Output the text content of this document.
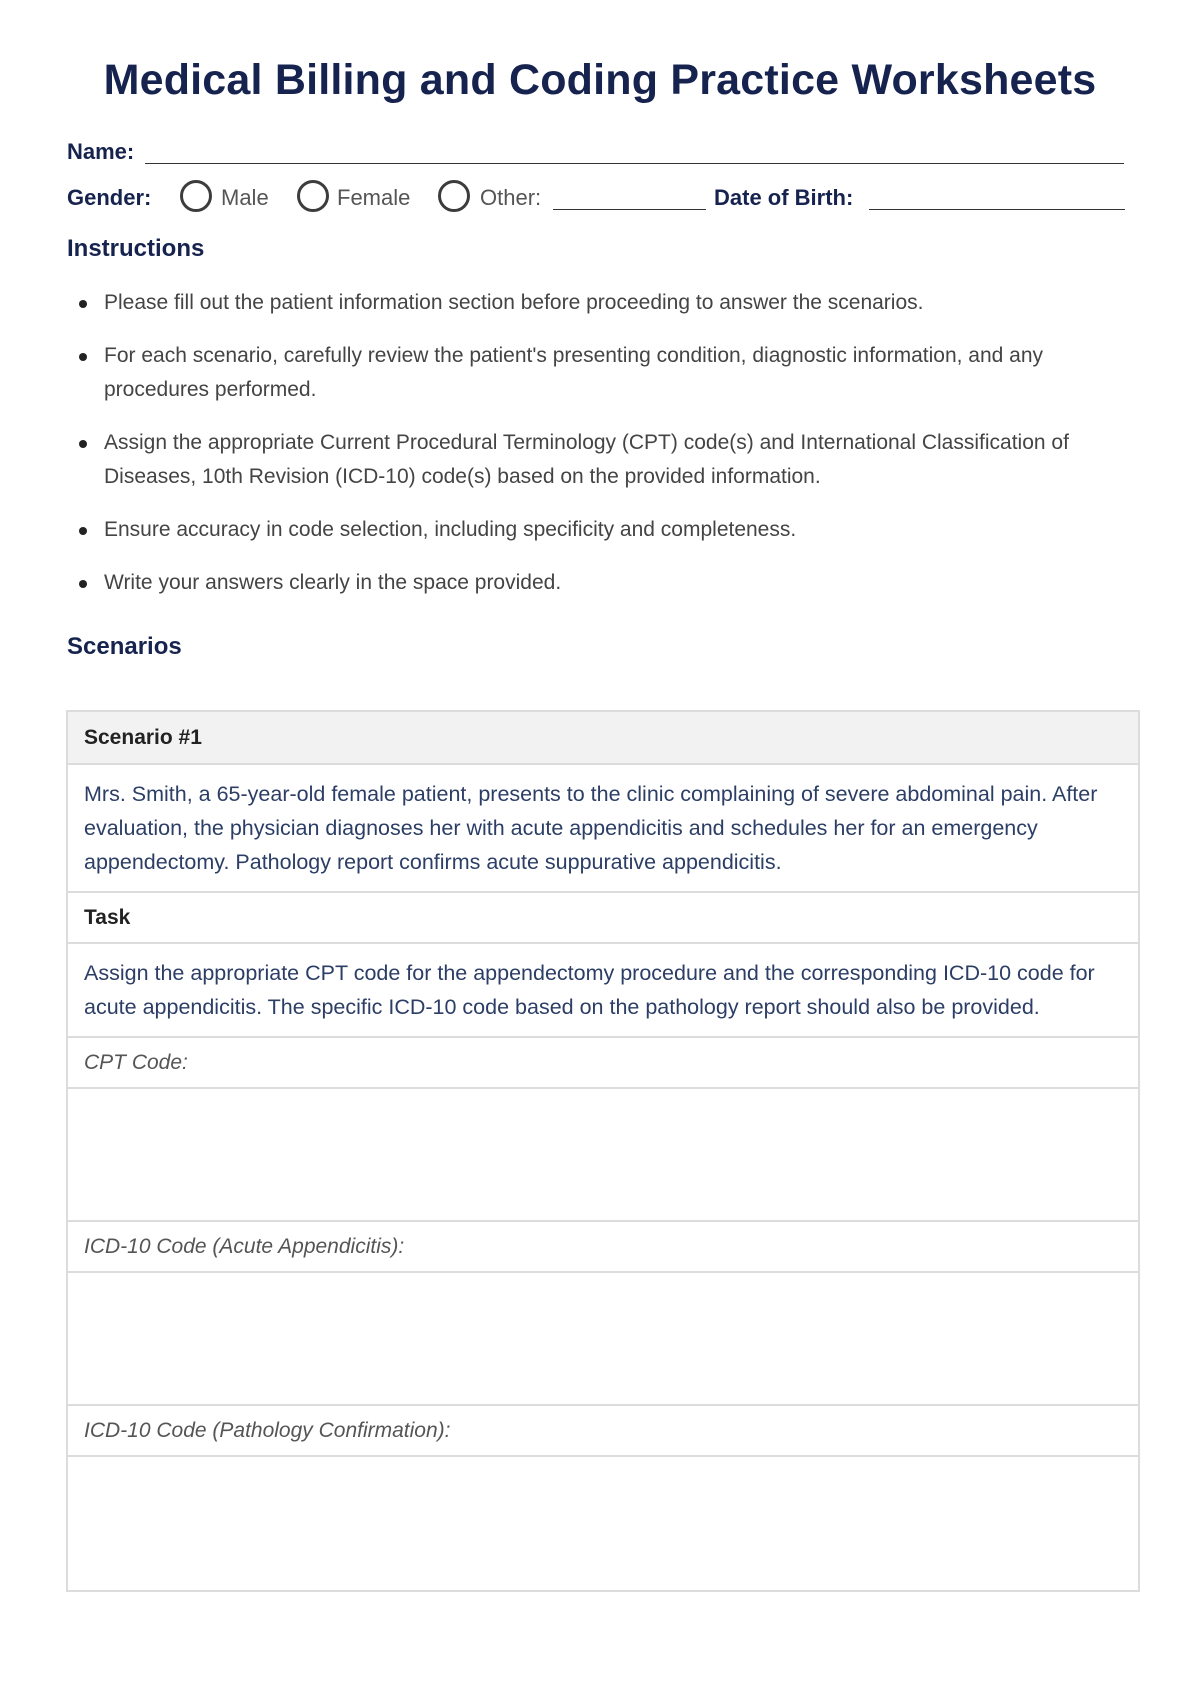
Medical Billing and Coding Practice Worksheets
Name:
Gender:	Male	Female	Other:	Date of Birth:
Instructions
Please fill out the patient information section before proceeding to answer the scenarios.
For each scenario, carefully review the patient's presenting condition, diagnostic information, and any procedures performed.
Assign the appropriate Current Procedural Terminology (CPT) code(s) and International Classification of Diseases, 10th Revision (ICD-10) code(s) based on the provided information.
Ensure accuracy in code selection, including specificity and completeness.
Write your answers clearly in the space provided.
Scenarios
Scenario #1
Mrs. Smith, a 65-year-old female patient, presents to the clinic complaining of severe abdominal pain. After evaluation, the physician diagnoses her with acute appendicitis and schedules her for an emergency appendectomy. Pathology report confirms acute suppurative appendicitis.
Task
Assign the appropriate CPT code for the appendectomy procedure and the corresponding ICD-10 code for acute appendicitis. The specific ICD-10 code based on the pathology report should also be provided.
CPT Code:
ICD-10 Code (Acute Appendicitis):
ICD-10 Code (Pathology Confirmation):
